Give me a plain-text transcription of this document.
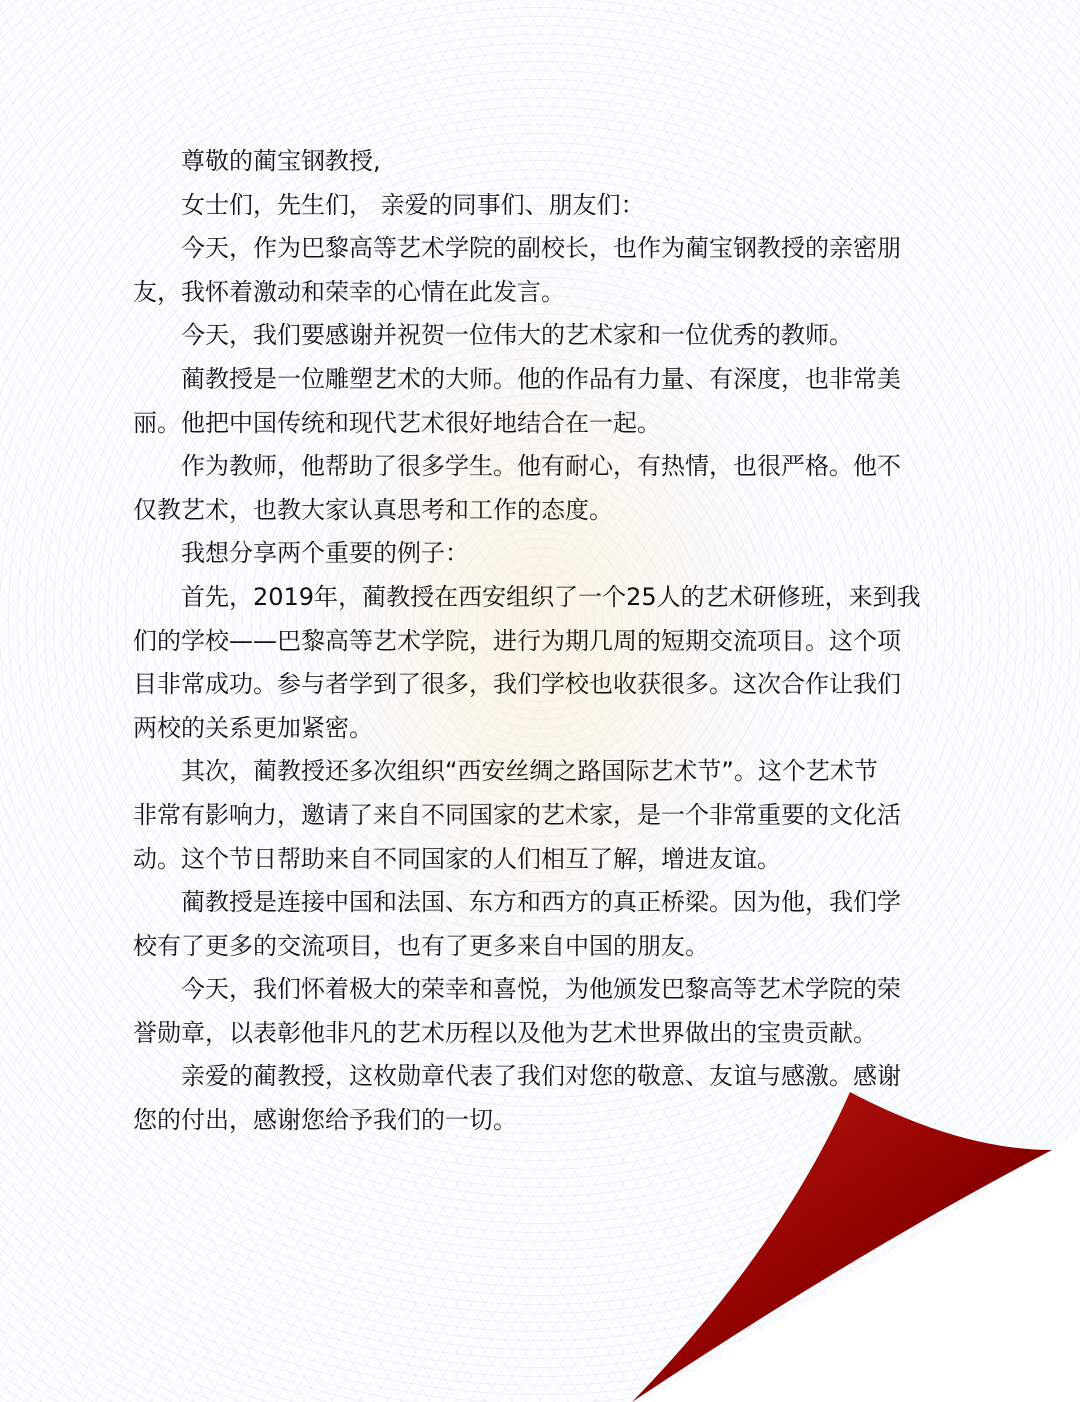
尊敬的蔺宝钢教授,
女士们，先生们， 亲爱的同事们、朋友们：
今天，作为巴黎高等艺术学院的副校长，也作为蔺宝钢教授的亲密朋
友，我怀着激动和荣幸的心情在此发言。
今天，我们要感谢并祝贺一位伟大的艺术家和一位优秀的教师。
蔺教授是一位雕塑艺术的大师。他的作品有力量、有深度，也非常美
丽。他把中国传统和现代艺术很好地结合在一起。
作为教师，他帮助了很多学生。他有耐心，有热情，也很严格。他不
仅教艺术，也教大家认真思考和工作的态度。
我想分享两个重要的例子：
首先，2019年，蔺教授在西安组织了一个25人的艺术研修班，来到我
们的学校——巴黎高等艺术学院，进行为期几周的短期交流项目。这个项
目非常成功。参与者学到了很多，我们学校也收获很多。这次合作让我们
两校的关系更加紧密。
其次，蔺教授还多次组织“西安丝绸之路国际艺术节”。这个艺术节
非常有影响力，邀请了来自不同国家的艺术家，是一个非常重要的文化活
动。这个节日帮助来自不同国家的人们相互了解，增进友谊。
蔺教授是连接中国和法国、东方和西方的真正桥梁。因为他，我们学
校有了更多的交流项目，也有了更多来自中国的朋友。
今天，我们怀着极大的荣幸和喜悦，为他颁发巴黎高等艺术学院的荣
誉勋章，以表彰他非凡的艺术历程以及他为艺术世界做出的宝贵贡献。
亲爱的蔺教授，这枚勋章代表了我们对您的敬意、友谊与感激。感谢
您的付出，感谢您给予我们的一切。
